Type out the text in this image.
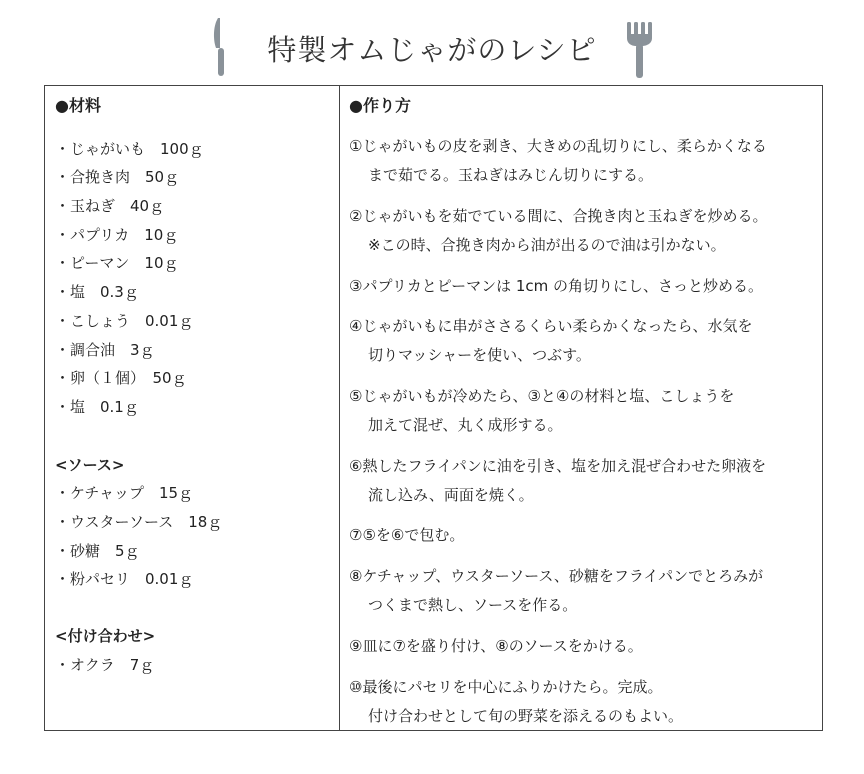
特製オムじゃがのレシピ
●材料
・じゃがいも　100ｇ
・合挽き肉　50ｇ
・玉ねぎ　40ｇ
・パプリカ　10ｇ
・ピーマン　10ｇ
・塩　0.3ｇ
・こしょう　0.01ｇ
・調合油　3ｇ
・卵（１個）　50ｇ
・塩　0.1ｇ
<ソース>
・ケチャップ　15ｇ
・ウスターソース　18ｇ
・砂糖　5ｇ
・粉パセリ　0.01ｇ
<付け合わせ>
・オクラ　7ｇ
●作り方
①じゃがいもの皮を剥き、大きめの乱切りにし、柔らかくなる
まで茹でる。玉ねぎはみじん切りにする。
②じゃがいもを茹でている間に、合挽き肉と玉ねぎを炒める。
※この時、合挽き肉から油が出るので油は引かない。
③パプリカとピーマンは 1cm の角切りにし、さっと炒める。
④じゃがいもに串がささるくらい柔らかくなったら、水気を
切りマッシャーを使い、つぶす。
⑤じゃがいもが冷めたら、③と④の材料と塩、こしょうを
加えて混ぜ、丸く成形する。
⑥熱したフライパンに油を引き、塩を加え混ぜ合わせた卵液を
流し込み、両面を焼く。
⑦⑤を⑥で包む。
⑧ケチャップ、ウスターソース、砂糖をフライパンでとろみが
つくまで熱し、ソースを作る。
⑨皿に⑦を盛り付け、⑧のソースをかける。
⑩最後にパセリを中心にふりかけたら。完成。
付け合わせとして旬の野菜を添えるのもよい。
